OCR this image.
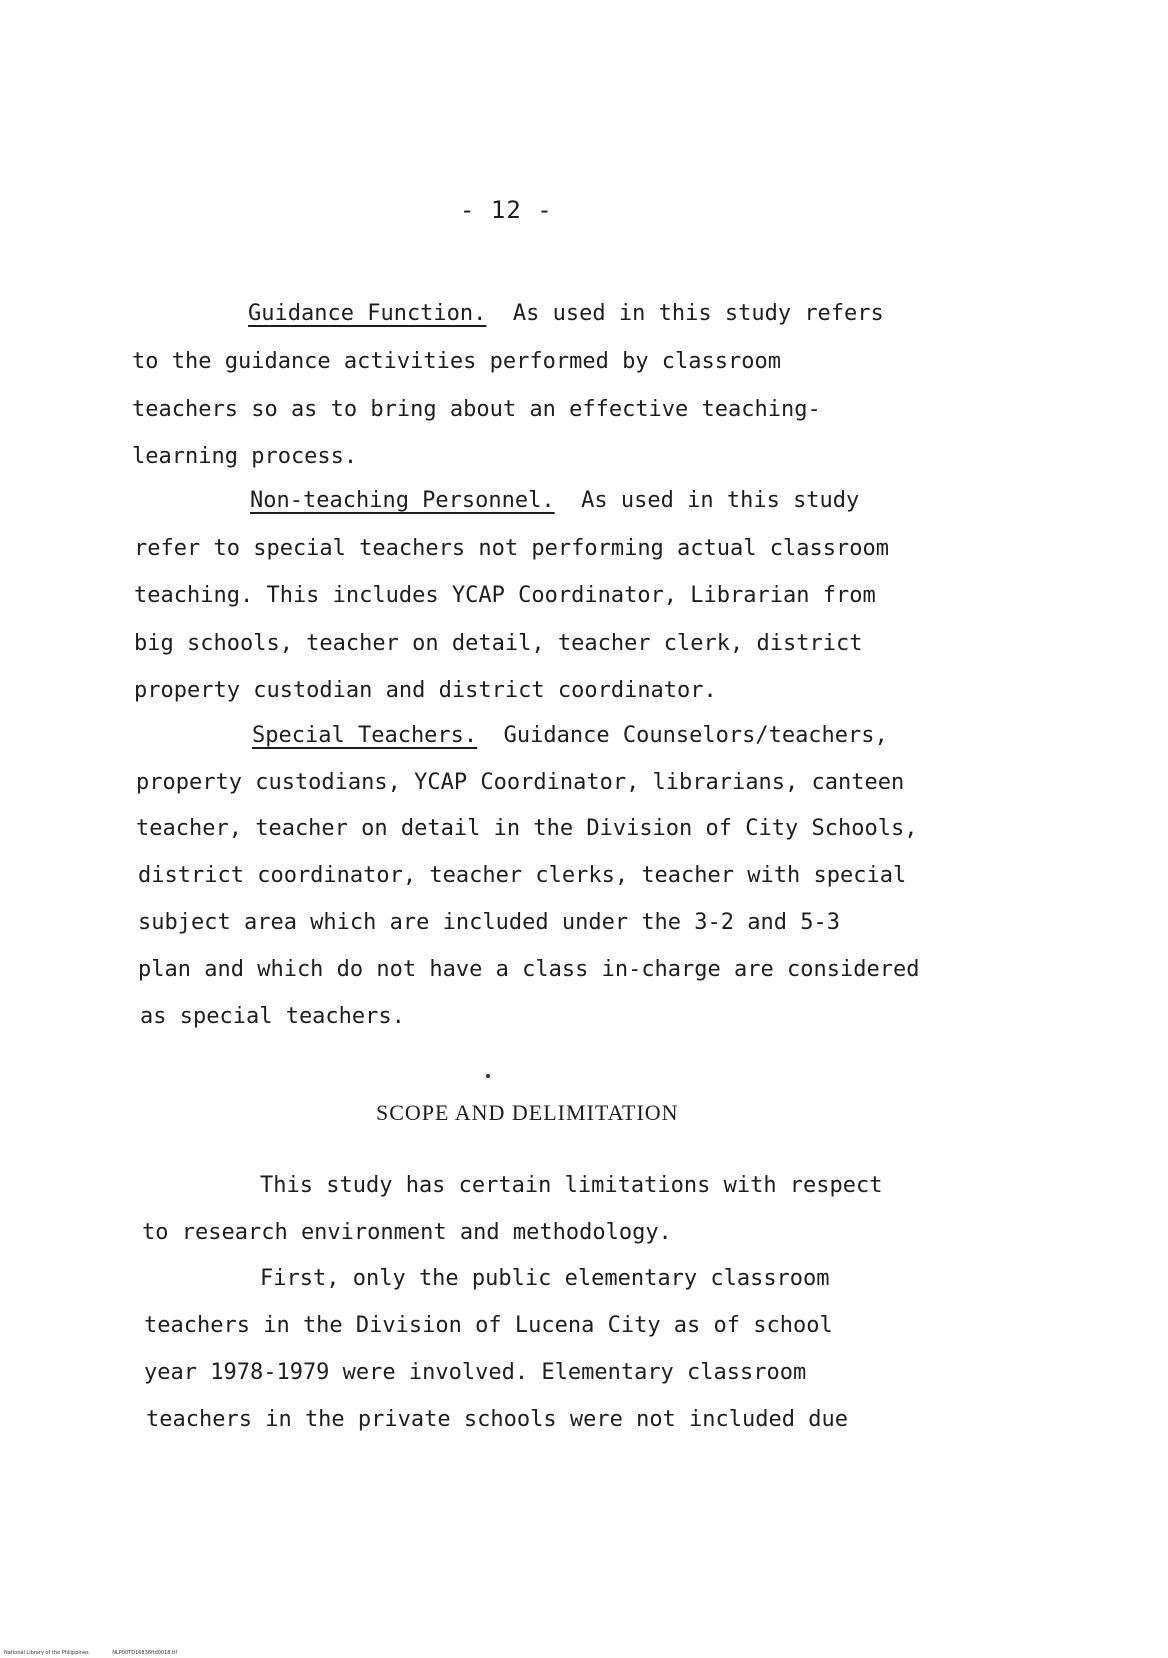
- 12 -
Guidance Function. As used in this study refers
to the guidance activities performed by classroom
teachers so as to bring about an effective teaching-
learning process.
Non-teaching Personnel. As used in this study
refer to special teachers not performing actual classroom
teaching. This includes YCAP Coordinator, Librarian from
big schools, teacher on detail, teacher clerk, district
property custodian and district coordinator.
Special Teachers. Guidance Counselors/teachers,
property custodians, YCAP Coordinator, librarians, canteen
teacher, teacher on detail in the Division of City Schools,
district coordinator, teacher clerks, teacher with special
subject area which are included under the 3-2 and 5-3
plan and which do not have a class in-charge are considered
as special teachers.
SCOPE AND DELIMITATION
This study has certain limitations with respect
to research environment and methodology.
First, only the public elementary classroom
teachers in the Division of Lucena City as of school
year 1978-1979 were involved. Elementary classroom
teachers in the private schools were not included due
National Library of the Philippines	NLP00TD16836ftd0018.tif
